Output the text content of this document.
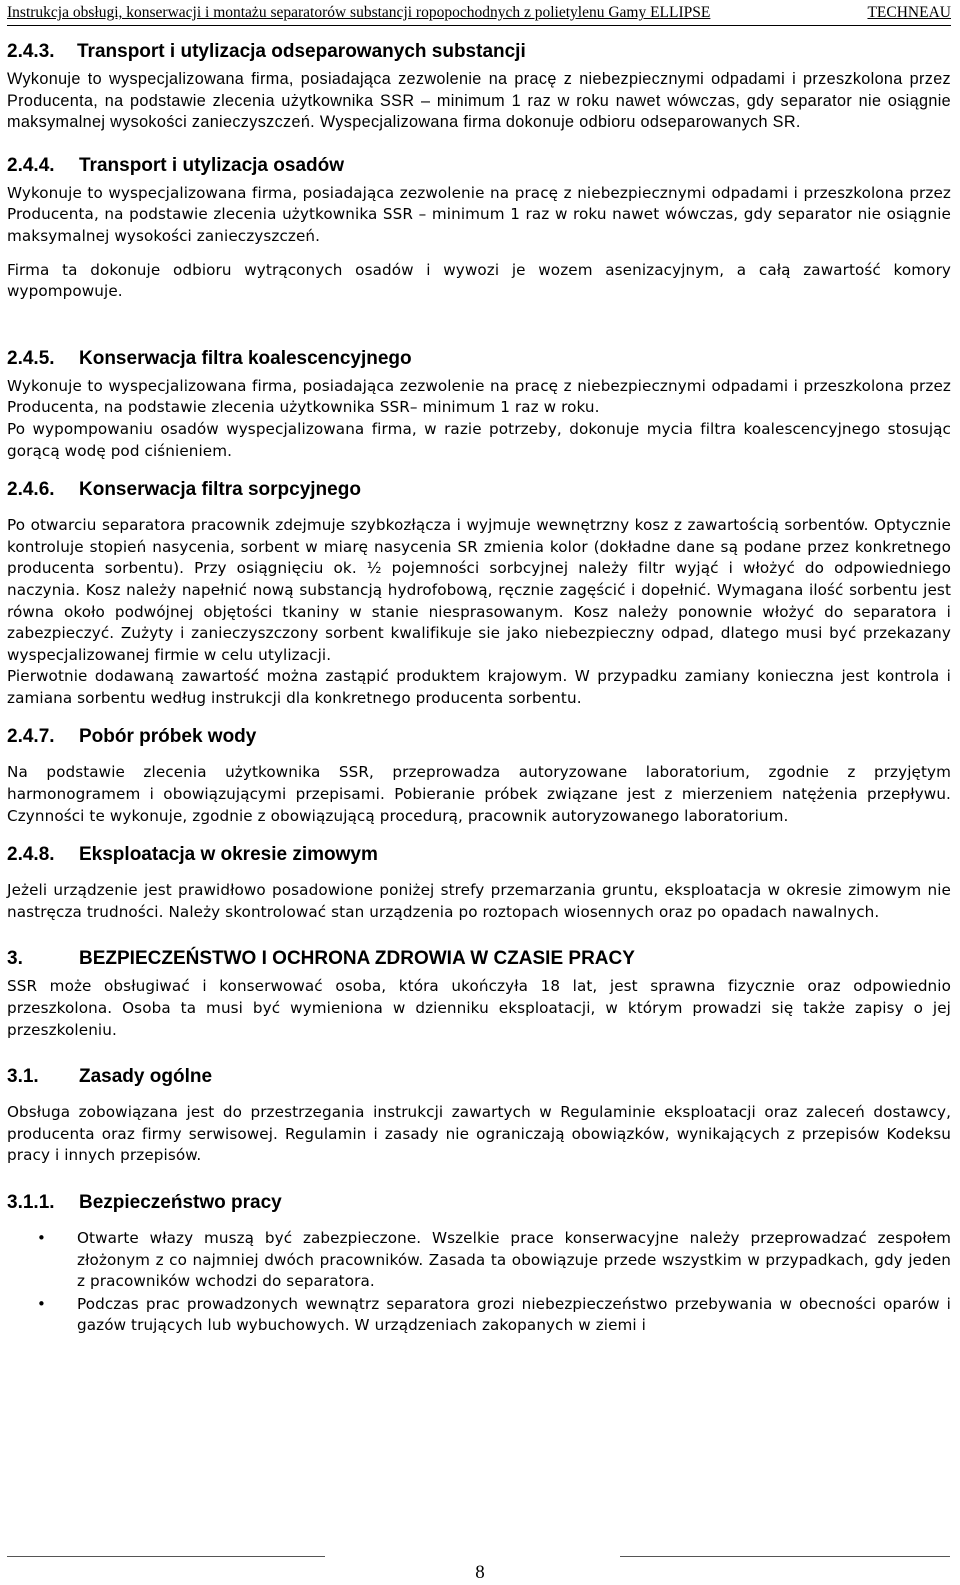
Instrukcja obsługi, konserwacji i montażu separatorów substancji ropopochodnych z polietylenu Gamy ELLIPSE	TECHNEAU
2.4.3. Transport i utylizacja odseparowanych substancji

Wykonuje to wyspecjalizowana firma, posiadająca zezwolenie na pracę z niebezpiecznymi odpadami i przeszkolona przez Producenta, na podstawie zlecenia użytkownika SSR – minimum 1 raz w roku nawet wówczas, gdy separator nie osiągnie maksymalnej wysokości zanieczyszczeń. Wyspecjalizowana firma dokonuje odbioru odseparowanych SR.

2.4.4. Transport i utylizacja osadów

Wykonuje to wyspecjalizowana firma, posiadająca zezwolenie na pracę z niebezpiecznymi odpadami i przeszkolona przez Producenta, na podstawie zlecenia użytkownika SSR – minimum 1 raz w roku nawet wówczas, gdy separator nie osiągnie maksymalnej wysokości zanieczyszczeń.

Firma ta dokonuje odbioru wytrąconych osadów i wywozi je wozem asenizacyjnym, a całą zawartość komory wypompowuje.

2.4.5. Konserwacja filtra koalescencyjnego

Wykonuje to wyspecjalizowana firma, posiadająca zezwolenie na pracę z niebezpiecznymi odpadami i przeszkolona przez Producenta, na podstawie zlecenia użytkownika SSR– minimum 1 raz w roku.

Po wypompowaniu osadów wyspecjalizowana firma, w razie potrzeby, dokonuje mycia filtra koalescencyjnego stosując gorącą wodę pod ciśnieniem.

2.4.6. Konserwacja filtra sorpcyjnego

Po otwarciu separatora pracownik zdejmuje szybkozłącza i wyjmuje wewnętrzny kosz z zawartością sorbentów. Optycznie kontroluje stopień nasycenia, sorbent w miarę nasycenia SR zmienia kolor (dokładne dane są podane przez konkretnego producenta sorbentu). Przy osiągnięciu ok. ½ pojemności sorbcyjnej należy filtr wyjąć i włożyć do odpowiedniego naczynia. Kosz należy napełnić nową substancją hydrofobową, ręcznie zagęścić i dopełnić. Wymagana ilość sorbentu jest równa około podwójnej objętości tkaniny w stanie niesprasowanym. Kosz należy ponownie włożyć do separatora i zabezpieczyć. Zużyty i zanieczyszczony sorbent kwalifikuje sie jako niebezpieczny odpad, dlatego musi być przekazany wyspecjalizowanej firmie w celu utylizacji.

Pierwotnie dodawaną zawartość można zastąpić produktem krajowym. W przypadku zamiany konieczna jest kontrola i zamiana sorbentu według instrukcji dla konkretnego producenta sorbentu.

2.4.7. Pobór próbek wody

Na podstawie zlecenia użytkownika SSR, przeprowadza autoryzowane laboratorium, zgodnie z przyjętym harmonogramem i obowiązującymi przepisami. Pobieranie próbek związane jest z mierzeniem natężenia przepływu. Czynności te wykonuje, zgodnie z obowiązującą procedurą, pracownik autoryzowanego laboratorium.

2.4.8. Eksploatacja w okresie zimowym

Jeżeli urządzenie jest prawidłowo posadowione poniżej strefy przemarzania gruntu, eksploatacja w okresie zimowym nie nastręcza trudności. Należy skontrolować stan urządzenia po roztopach wiosennych oraz po opadach nawalnych.

3.	BEZPIECZEŃSTWO I OCHRONA ZDROWIA W CZASIE PRACY

SSR może obsługiwać i konserwować osoba, która ukończyła 18 lat, jest sprawna fizycznie oraz odpowiednio przeszkolona. Osoba ta musi być wymieniona w dzienniku eksploatacji, w którym prowadzi się także zapisy o jej przeszkoleniu.

3.1. Zasady ogólne

Obsługa zobowiązana jest do przestrzegania instrukcji zawartych w Regulaminie eksploatacji oraz zaleceń dostawcy, producenta oraz firmy serwisowej. Regulamin i zasady nie ograniczają obowiązków, wynikających z przepisów Kodeksu pracy i innych przepisów.

3.1.1. Bezpieczeństwo pracy
• Otwarte włazy muszą być zabezpieczone. Wszelkie prace konserwacyjne należy przeprowadzać zespołem złożonym z co najmniej dwóch pracowników. Zasada ta obowiązuje przede wszystkim w przypadkach, gdy jeden z pracowników wchodzi do separatora.

• Podczas prac prowadzonych wewnątrz separatora grozi niebezpieczeństwo przebywania w obecności oparów i gazów trujących lub wybuchowych. W urządzeniach zakopanych w ziemi i

8
